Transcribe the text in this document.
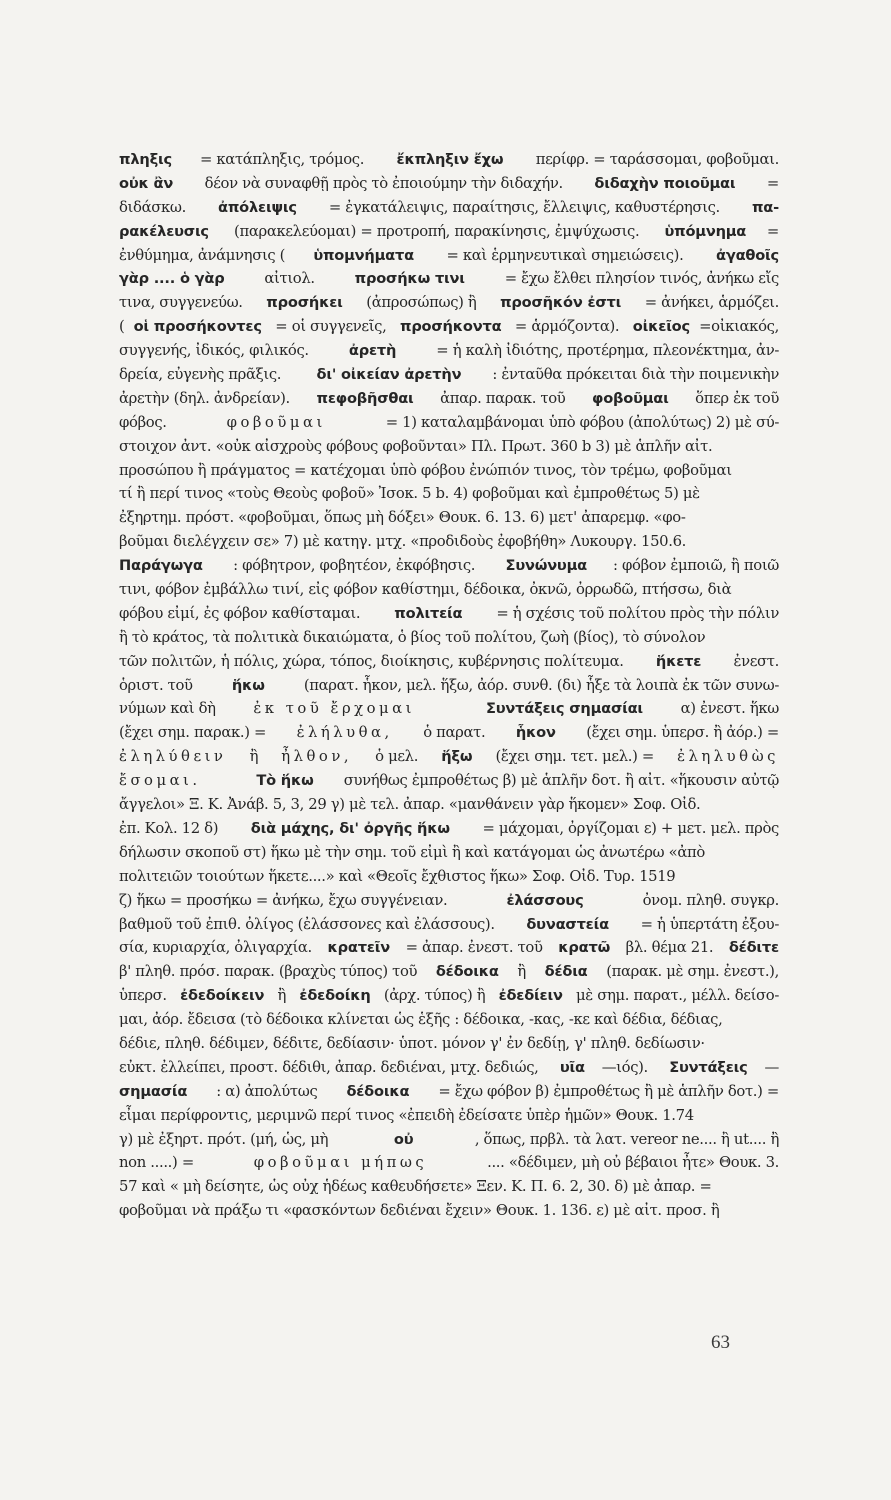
πληξις = κατάπληξις, τρόμος. ἔκπληξιν ἔχω περίφρ. = ταράσσομαι, φοβοῦμαι.
οὐκ ἂν δέον νὰ συναφθῇ πρὸς τὸ ἐποιούμην τὴν διδαχήν. διδαχὴν ποιοῦμαι =
διδάσκω. ἀπόλειψις = ἐγκατάλειψις, παραίτησις, ἔλλειψις, καθυστέρησις. πα-
ρακέλευσις (παρακελεύομαι) = προτροπή, παρακίνησις, ἐμψύχωσις. ὑπόμνημα =
ἐνθύμημα, ἀνάμνησις ( ὑπομνήματα = καὶ ἑρμηνευτικαὶ σημειώσεις). ἀγαθοῖς
γὰρ .... ὁ γὰρ αἰτιολ. προσήκω τινι = ἔχω ἔλθει πλησίον τινός, ἀνήκω εἴς
τινα, συγγενεύω. προσήκει (ἀπροσώπως) ἢ προσῆκόν ἐστι = ἀνήκει, ἁρμόζει.
( οἱ προσήκοντες = οἱ συγγενεῖς, προσήκοντα = ἁρμόζοντα). οἰκεῖος =οἰκιακός,
συγγενής, ἰδικός, φιλικός. ἀρετὴ = ἡ καλὴ ἰδιότης, προτέρημα, πλεονέκτημα, ἀν-
δρεία, εὐγενὴς πρᾶξις. δι' οἰκείαν ἀρετὴν : ἐνταῦθα πρόκειται διὰ τὴν ποιμενικὴν
ἀρετὴν (δηλ. ἀνδρείαν). πεφοβῆσθαι ἀπαρ. παρακ. τοῦ φοβοῦμαι ὅπερ ἐκ τοῦ
φόβος.	φοβοῦμαι	= 1) καταλαμβάνομαι ὑπὸ φόβου (ἀπολύτως) 2) μὲ σύ-
στοιχον ἀντ. «οὐκ αἰσχροὺς φόβους φοβοῦνται» Πλ. Πρωτ. 360 b 3) μὲ ἁπλῆν αἰτ.
προσώπου ἢ πράγματος = κατέχομαι ὑπὸ φόβου ἐνώπιόν τινος, τὸν τρέμω, φοβοῦμαι
τί ἢ περί τινος «τοὺς Θεοὺς φοβοῦ» Ἰσοκ. 5 b. 4) φοβοῦμαι καὶ ἐμπροθέτως 5) μὲ
ἐξηρτημ. πρόστ. «φοβοῦμαι, ὅπως μὴ δόξει» Θουκ. 6. 13. 6) μετ' ἀπαρεμφ. «φο-
βοῦμαι διελέγχειν σε» 7) μὲ κατηγ. μτχ. «προδιδοὺς ἐφοβήθη» Λυκουργ. 150.6.
Παράγωγα : φόβητρον, φοβητέον, ἐκφόβησις. Συνώνυμα : φόβον ἐμποιῶ, ἢ ποιῶ
τινι, φόβον ἐμβάλλω τινί, εἰς φόβον καθίστημι, δέδοικα, ὀκνῶ, ὀρρωδῶ, πτήσσω, διὰ
φόβου εἰμί, ἐς φόβον καθίσταμαι. πολιτεία = ἡ σχέσις τοῦ πολίτου πρὸς τὴν πόλιν
ἢ τὸ κράτος, τὰ πολιτικὰ δικαιώματα, ὁ βίος τοῦ πολίτου, ζωὴ (βίος), τὸ σύνολον
τῶν πολιτῶν, ἡ πόλις, χώρα, τόπος, διοίκησις, κυβέρνησις πολίτευμα. ἥκετε ἐνεστ.
ὁριστ. τοῦ ἥκω (παρατ. ἧκον, μελ. ἥξω, ἀόρ. συνθ. (δι) ἧξε τὰ λοιπὰ ἐκ τῶν συνω-
νύμων καὶ δὴ ἐκ τοῦ ἔρχομαι
	Συντάξεις σημασίαι α) ἐνεστ. ἥκω
(ἔχει σημ. παρακ.) = ἐλήλυθα, ὁ παρατ. ἧκον (ἔχει σημ. ὑπερσ. ἢ ἀόρ.) =
ἐληλύθειν ἢ ἦλθον, ὁ μελ. ἥξω (ἔχει σημ. τετ. μελ.) = ἐληλυθὼς
ἔσομαι.
	Τὸ ἥκω συνήθως ἐμπροθέτως β) μὲ ἁπλῆν δοτ. ἢ αἰτ. «ἥκουσιν αὐτῷ
ἄγγελοι» Ξ. Κ. Ἀνάβ. 5, 3, 29 γ) μὲ τελ. ἀπαρ. «μανθάνειν γὰρ ἥκομεν» Σοφ. Οἰδ.
ἐπ. Κολ. 12 δ) διὰ μάχης, δι' ὀργῆς ἥκω = μάχομαι, ὀργίζομαι ε) + μετ. μελ. πρὸς
δήλωσιν σκοποῦ στ) ἥκω μὲ τὴν σημ. τοῦ εἰμὶ ἢ καὶ κατάγομαι ὡς ἀνωτέρω «ἀπὸ
πολιτειῶν τοιούτων ἥκετε....» καὶ «Θεοῖς ἔχθιστος ἥκω» Σοφ. Οἰδ. Τυρ. 1519
ζ) ἥκω = προσήκω = ἀνήκω, ἔχω συγγένειαν.	ἐλάσσους	ὀνομ. πληθ. συγκρ.
βαθμοῦ τοῦ ἐπιθ. ὀλίγος (ἐλάσσονες καὶ ἐλάσσους). δυναστεία = ἡ ὑπερτάτη ἐξου-
σία, κυριαρχία, ὀλιγαρχία. κρατεῖν = ἀπαρ. ἐνεστ. τοῦ κρατῶ βλ. θέμα 21. δέδιτε
β' πληθ. πρόσ. παρακ. (βραχὺς τύπος) τοῦ δέδοικα ἢ δέδια (παρακ. μὲ σημ. ἐνεστ.),
ὑπερσ. ἐδεδοίκειν ἢ ἐδεδοίκη (ἀρχ. τύπος) ἢ ἐδεδίειν μὲ σημ. παρατ., μέλλ. δείσο-
μαι, ἀόρ. ἔδεισα (τὸ δέδοικα κλίνεται ὡς ἑξῆς : δέδοικα, -κας, -κε καὶ δέδια, δέδιας,
δέδιε, πληθ. δέδιμεν, δέδιτε, δεδίασιν· ὑποτ. μόνον γ' ἐν δεδίῃ, γ' πληθ. δεδίωσιν·
εὐκτ. ἐλλείπει, προστ. δέδιθι, ἀπαρ. δεδιέναι, μτχ. δεδιώς, υῖα —ιός). Συντάξεις —
σημασία : α) ἀπολύτως δέδοικα = ἔχω φόβον β) ἐμπροθέτως ἢ μὲ ἁπλῆν δοτ.) =
εἶμαι περίφροντις, μεριμνῶ περί τινος «ἐπειδὴ ἐδείσατε ὑπὲρ ἡμῶν» Θουκ. 1.74
γ) μὲ ἐξηρτ. πρότ. (μή, ὡς, μὴ	οὐ	, ὅπως, πρβλ. τὰ λατ. vereor ne.... ἢ ut.... ἢ
non .....) =	φοβοῦμαι μήπως	.... «δέδιμεν, μὴ οὐ βέβαιοι ἦτε» Θουκ. 3.
57 καὶ « μὴ δείσητε, ὡς οὐχ ἡδέως καθευδήσετε» Ξεν. Κ. Π. 6. 2, 30. δ) μὲ ἀπαρ. =
φοβοῦμαι νὰ πράξω τι «φασκόντων δεδιέναι ἔχειν» Θουκ. 1. 136. ε) μὲ αἰτ. προσ. ἢ
63
